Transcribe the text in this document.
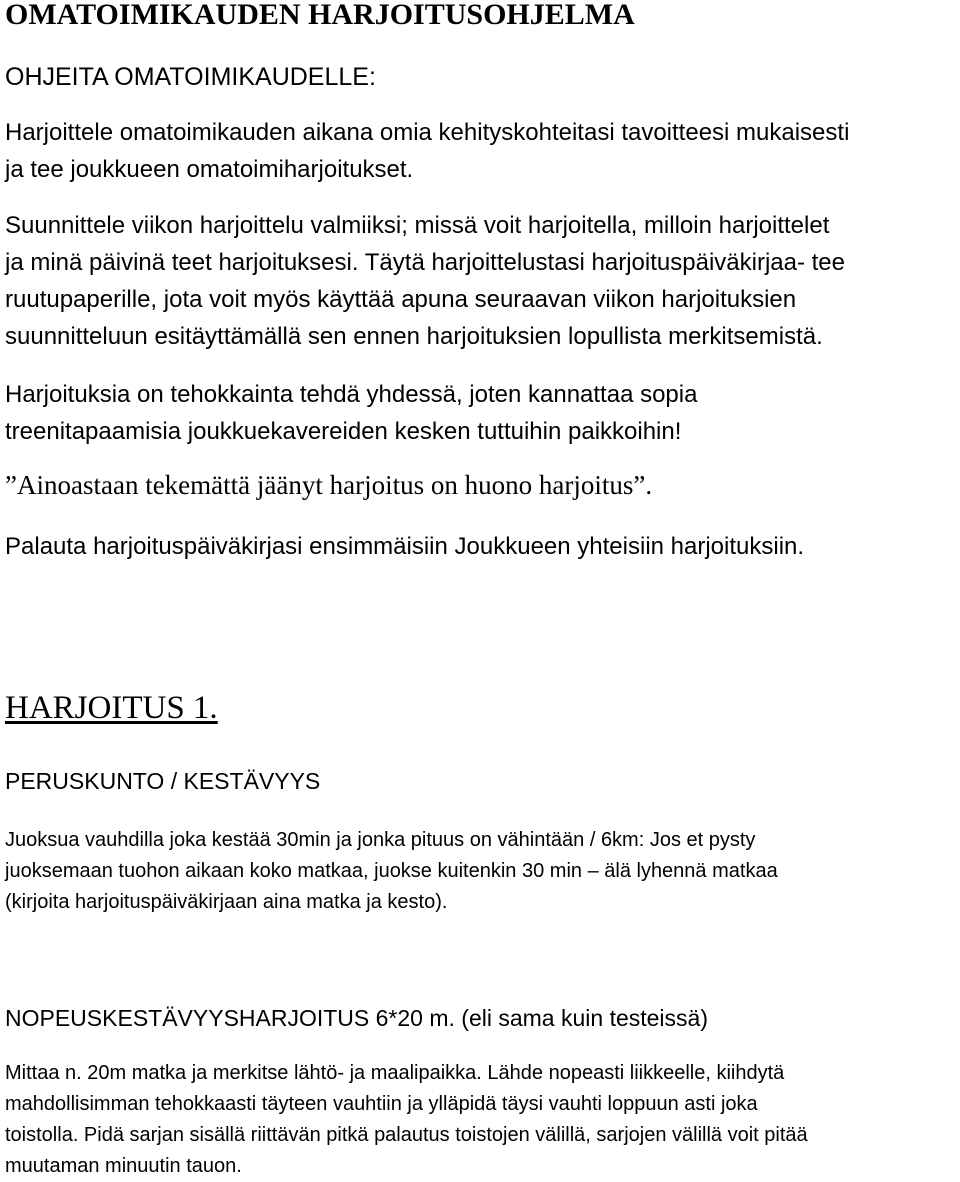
OMATOIMIKAUDEN HARJOITUSOHJELMA
OHJEITA OMATOIMIKAUDELLE:

Harjoittele omatoimikauden aikana omia kehityskohteitasi tavoitteesi mukaisesti
ja tee joukkueen omatoimiharjoitukset.

Suunnittele viikon harjoittelu valmiiksi; missä voit harjoitella, milloin harjoittelet
ja minä päivinä teet harjoituksesi. Täytä harjoittelustasi harjoituspäiväkirjaa- tee
ruutupaperille, jota voit myös käyttää apuna seuraavan viikon harjoituksien
suunnitteluun esitäyttämällä sen ennen harjoituksien lopullista merkitsemistä.

Harjoituksia on tehokkainta tehdä yhdessä, joten kannattaa sopia
treenitapaamisia joukkuekavereiden kesken tuttuihin paikkoihin!

”Ainoastaan tekemättä jäänyt harjoitus on huono harjoitus”.

Palauta harjoituspäiväkirjasi ensimmäisiin Joukkueen yhteisiin harjoituksiin.

HARJOITUS 1.
PERUSKUNTO / KESTÄVYYS

Juoksua vauhdilla joka kestää 30min ja jonka pituus on vähintään / 6km: Jos et pysty
juoksemaan tuohon aikaan koko matkaa, juokse kuitenkin 30 min – älä lyhennä matkaa
(kirjoita harjoituspäiväkirjaan aina matka ja kesto).

NOPEUSKESTÄVYYSHARJOITUS 6*20 m. (eli sama kuin testeissä)

Mittaa n. 20m matka ja merkitse lähtö- ja maalipaikka. Lähde nopeasti liikkeelle, kiihdytä
mahdollisimman tehokkaasti täyteen vauhtiin ja ylläpidä täysi vauhti loppuun asti joka
toistolla. Pidä sarjan sisällä riittävän pitkä palautus toistojen välillä, sarjojen välillä voit pitää
muutaman minuutin tauon.
